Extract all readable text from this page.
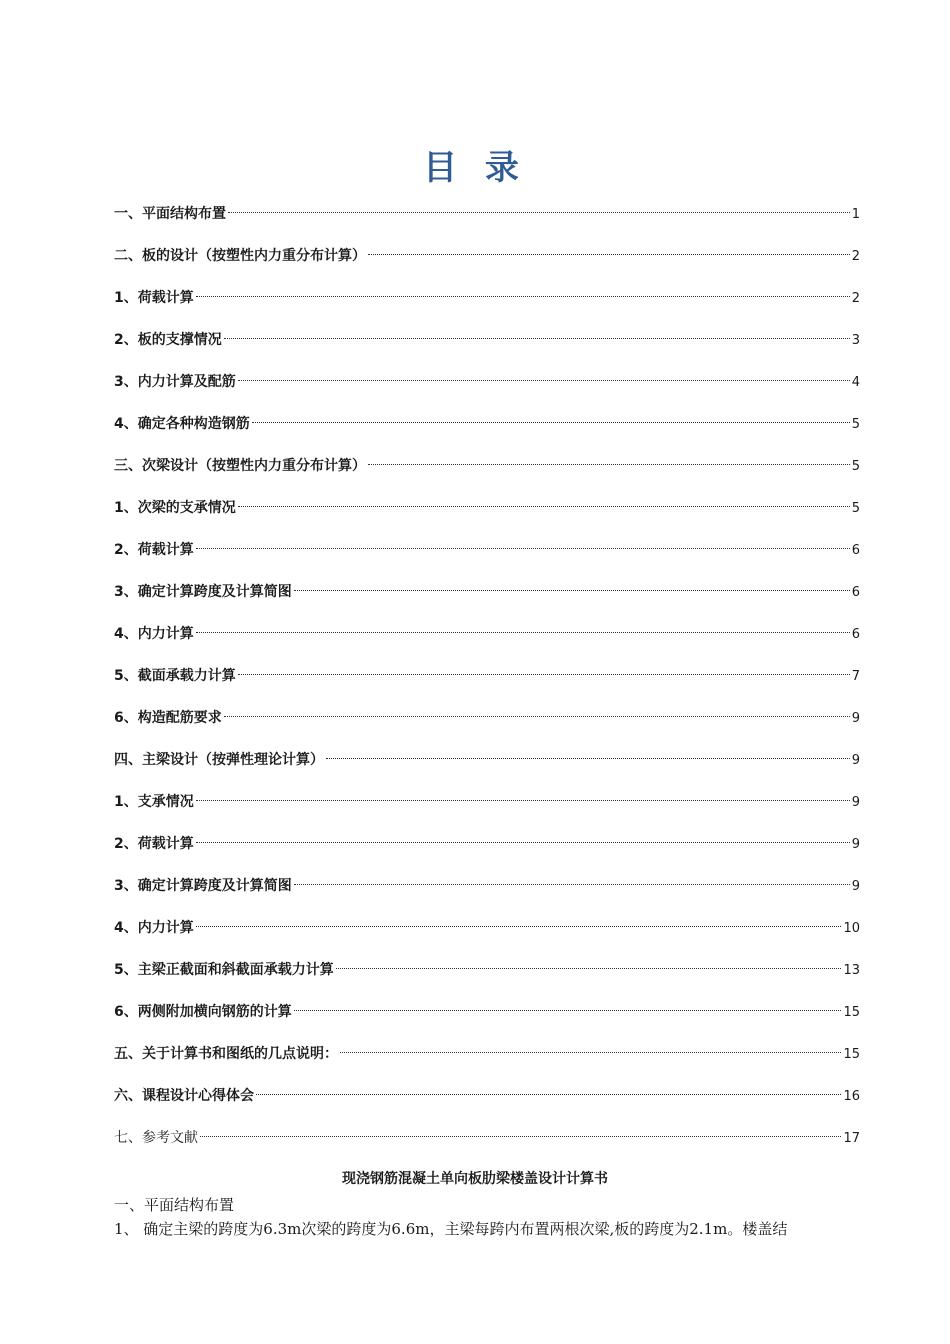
目 录
一、平面结构布置	1
二、板的设计（按塑性内力重分布计算）	2
1、荷载计算	2
2、板的支撑情况	3
3、内力计算及配筋	4
4、确定各种构造钢筋	5
三、次梁设计（按塑性内力重分布计算）	5
1、次梁的支承情况	5
2、荷载计算	6
3、确定计算跨度及计算简图	6
4、内力计算	6
5、截面承载力计算	7
6、构造配筋要求	9
四、主梁设计（按弹性理论计算）	9
1、支承情况	9
2、荷载计算	9
3、确定计算跨度及计算简图	9
4、内力计算	10
5、主梁正截面和斜截面承载力计算	13
6、两侧附加横向钢筋的计算	15
五、关于计算书和图纸的几点说明：	15
六、课程设计心得体会	16
七、参考文献	17
现浇钢筋混凝土单向板肋梁楼盖设计计算书
一、平面结构布置
1、 确定主梁的跨度为6.3m次梁的跨度为6.6m，主梁每跨内布置两根次梁,板的跨度为2.1m。楼盖结
